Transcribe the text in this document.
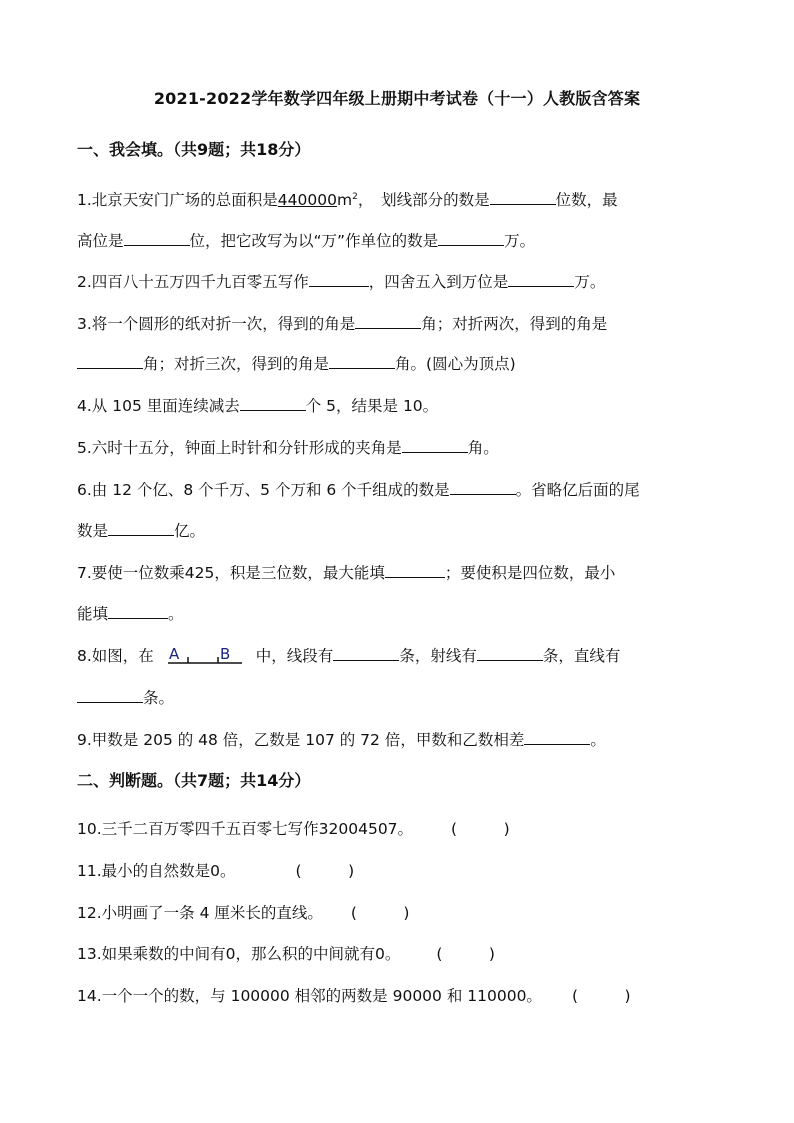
2021-2022学年数学四年级上册期中考试卷（十一）人教版含答案
一、我会填。（共9题；共18分）
1.北京天安门广场的总面积是$440000m^2$，　划线部分的数是	位数，最
高位是	位，把它改写为以“万”作单位的数是	万。
2.四百八十五万四千九百零五写作	，四舍五入到万位是	万。
3.将一个圆形的纸对折一次，得到的角是	角；对折两次，得到的角是
角；对折三次，得到的角是	角。(圆心为顶点)
4.从 105 里面连续减去	个 5，结果是 10。
5.六时十五分，钟面上时针和分针形成的夹角是	角。
6.由 12 个亿、8 个千万、5 个万和 6 个千组成的数是	。省略亿后面的尾
数是	亿。
7.要使一位数乘425，积是三位数，最大能填	；要使积是四位数，最小
能填	。
8.如图，在 A	B 中，线段有	条，射线有	条，直线有
条。
9.甲数是 205 的 48 倍，乙数是 107 的 72 倍，甲数和乙数相差	。
二、判断题。（共7题；共14分）
10.三千二百万零四千五百零七写作32004507。 (　　　)
11.最小的自然数是0。	(　　　)
12.小明画了一条 4 厘米长的直线。 (　　　)
13.如果乘数的中间有0，那么积的中间就有0。 (　　　)
14.一个一个的数，与 100000 相邻的两数是 90000 和 110000。 (　　　)
